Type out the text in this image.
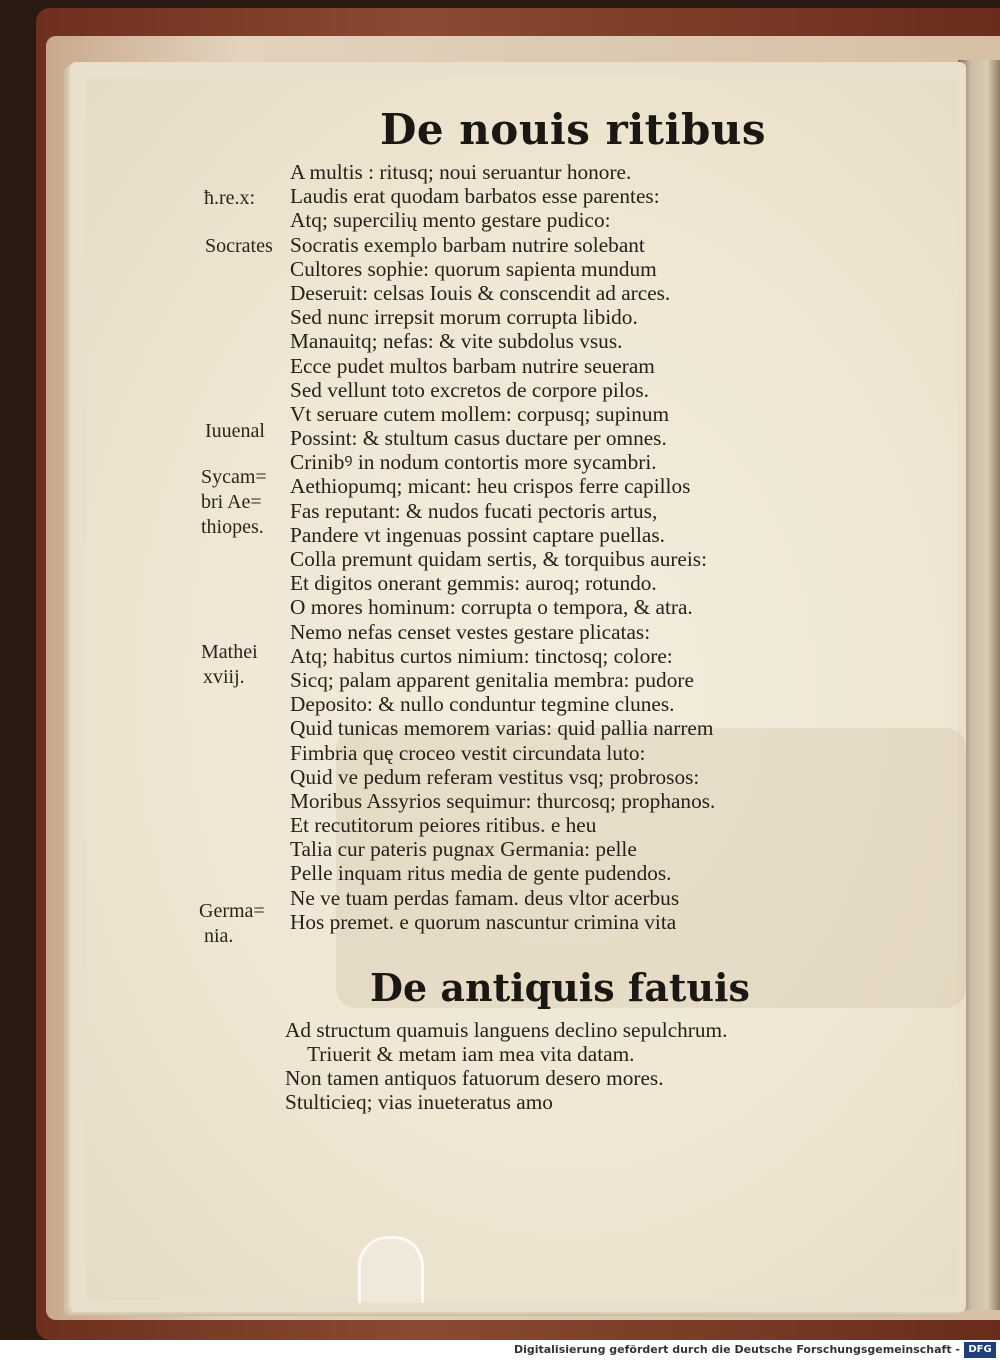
De nouis ritibus
A multis : ritusq; noui seruantur honore.
Laudis erat quodam barbatos esse parentes:
Atq; supercilių mento gestare pudico:
Socratis exemplo barbam nutrire solebant
Cultores sophie: quorum sapienta mundum
Deseruit: celsas Iouis & conscendit ad arces.
Sed nunc irrepsit morum corrupta libido.
Manauitq; nefas: & vite subdolus vsus.
Ecce pudet multos barbam nutrire seueram
Sed vellunt toto excretos de corpore pilos.
Vt seruare cutem mollem: corpusq; supinum
Possint: & stultum casus ductare per omnes.
Crinibꝰ in nodum contortis more sycambri.
Aethiopumq; micant: heu crispos ferre capillos
Fas reputant: & nudos fucati pectoris artus,
Pandere vt ingenuas possint captare puellas.
Colla premunt quidam sertis, & torquibus aureis:
Et digitos onerant gemmis: auroq; rotundo.
O mores hominum: corrupta o tempora, & atra.
Nemo nefas censet vestes gestare plicatas:
Atq; habitus curtos nimium: tinctosq; colore:
Sicq; palam apparent genitalia membra: pudore
Deposito: & nullo conduntur tegmine clunes.
Quid tunicas memorem varias: quid pallia narrem
Fimbria quę croceo vestit circundata luto:
Quid ve pedum referam vestitus vsq; probrosos:
Moribus Assyrios sequimur: thurcosq; prophanos.
Et recutitorum peiores ritibus. e heu
Talia cur pateris pugnax Germania: pelle
Pelle inquam ritus media de gente pudendos.
Ne ve tuam perdas famam. deus vltor acerbus
Hos premet. e quorum nascuntur crimina vita
ħ.re.x:
Socrates
Iuuenal
Sycam=
bri Ae=
thiopes.
Mathei
xviij.
Germa=
nia.
De antiquis fatuis
Ad structum quamuis languens declino sepulchrum.
Triuerit & metam iam mea vita datam.
Non tamen antiquos fatuorum desero mores.
Stulticieq; vias inueteratus amo
Digitalisierung gefördert durch die Deutsche Forschungsgemeinschaft - DFG
